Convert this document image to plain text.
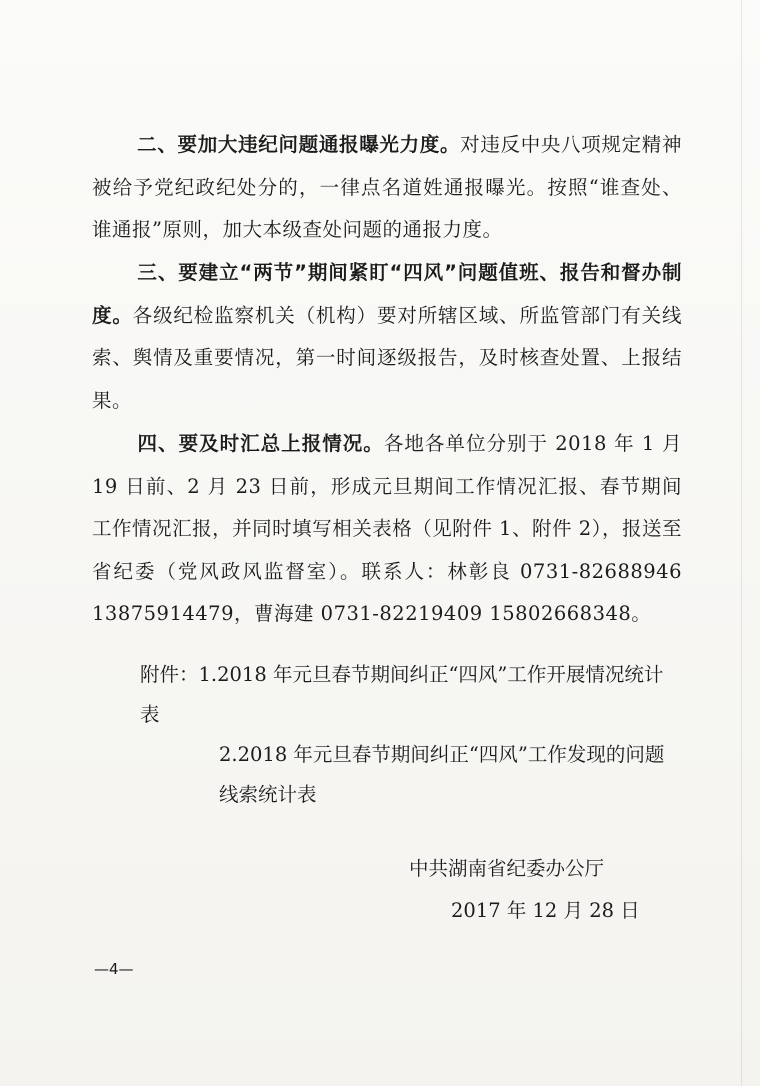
二、要加大违纪问题通报曝光力度。对违反中央八项规定精神被给予党纪政纪处分的，一律点名道姓通报曝光。按照“谁查处、谁通报”原则，加大本级查处问题的通报力度。
三、要建立“两节”期间紧盯“四风”问题值班、报告和督办制度。各级纪检监察机关（机构）要对所辖区域、所监管部门有关线索、舆情及重要情况，第一时间逐级报告，及时核查处置、上报结果。
四、要及时汇总上报情况。各地各单位分别于 2018 年 1 月 19 日前、2 月 23 日前，形成元旦期间工作情况汇报、春节期间工作情况汇报，并同时填写相关表格（见附件 1、附件 2），报送至省纪委（党风政风监督室）。联系人：林彰良 0731-82688946 13875914479，曹海建 0731-82219409 15802668348。
附件：1.2018 年元旦春节期间纠正“四风”工作开展情况统计表
2.2018 年元旦春节期间纠正“四风”工作发现的问题线索统计表
中共湖南省纪委办公厅
2017 年 12 月 28 日
—4—
